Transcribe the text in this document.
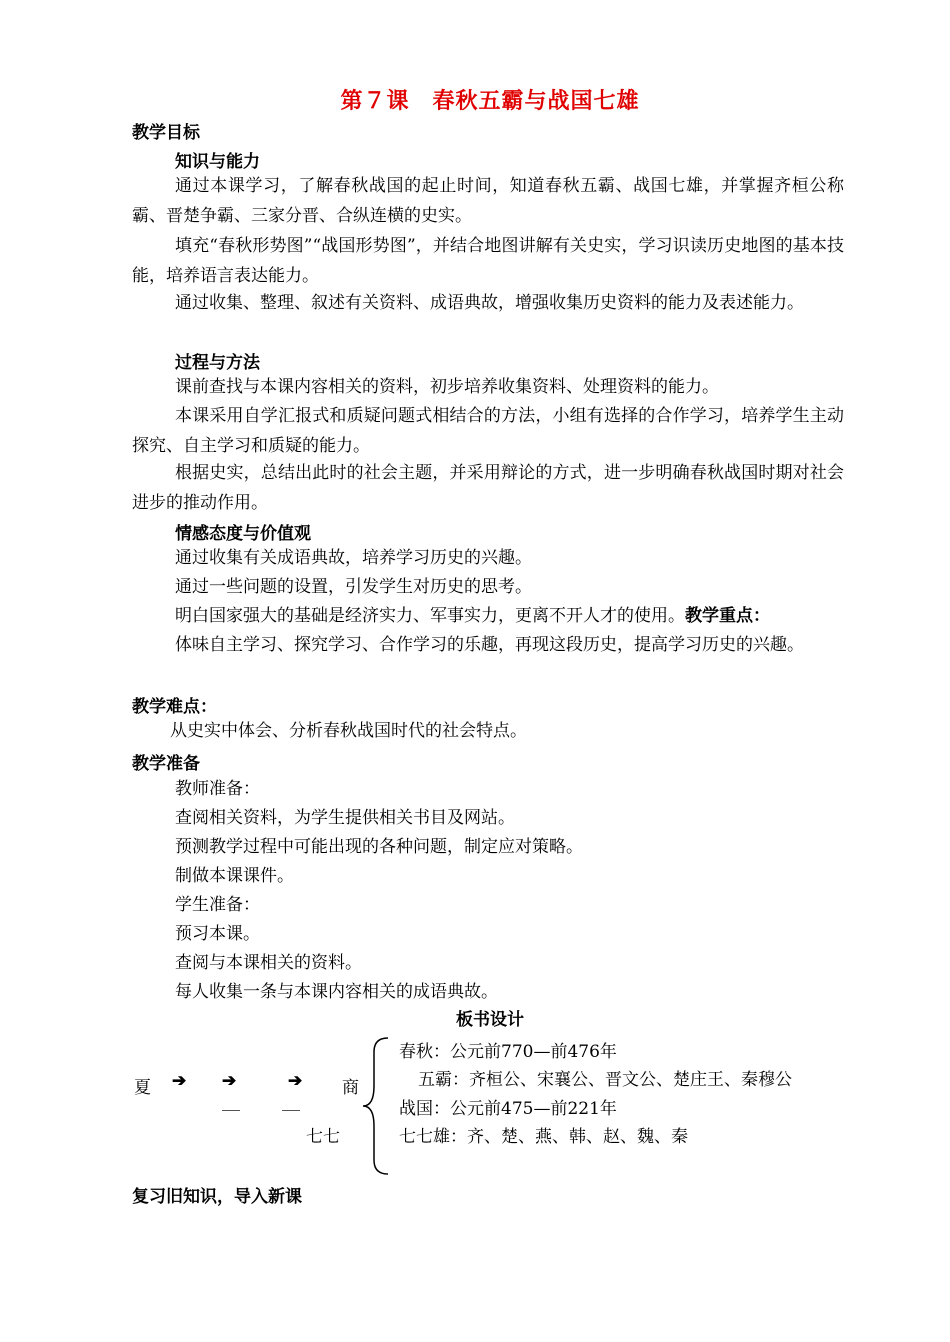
第７课　春秋五霸与战国七雄
教学目标
知识与能力
通过本课学习，了解春秋战国的起止时间，知道春秋五霸、战国七雄，并掌握齐桓公称霸、晋楚争霸、三家分晋、合纵连横的史实。
填充“春秋形势图”“战国形势图”，并结合地图讲解有关史实，学习识读历史地图的基本技能，培养语言表达能力。
通过收集、整理、叙述有关资料、成语典故，增强收集历史资料的能力及表述能力。
过程与方法
课前查找与本课内容相关的资料，初步培养收集资料、处理资料的能力。
本课采用自学汇报式和质疑问题式相结合的方法，小组有选择的合作学习，培养学生主动探究、自主学习和质疑的能力。
根据史实，总结出此时的社会主题，并采用辩论的方式，进一步明确春秋战国时期对社会进步的推动作用。
情感态度与价值观
通过收集有关成语典故，培养学习历史的兴趣。
通过一些问题的设置，引发学生对历史的思考。
明白国家强大的基础是经济实力、军事实力，更离不开人才的使用。教学重点：
体味自主学习、探究学习、合作学习的乐趣，再现这段历史，提高学习历史的兴趣。
教学难点：
从史实中体会、分析春秋战国时代的社会特点。
教学准备
教师准备：
查阅相关资料，为学生提供相关书目及网站。
预测教学过程中可能出现的各种问题，制定应对策略。
制做本课课件。
学生准备：
预习本课。
查阅与本课相关的资料。
每人收集一条与本课内容相关的成语典故。
板书设计
夏 ➔ ➔	➔ 商
七七
春秋：公元前770—前476年
五霸：齐桓公、宋襄公、晋文公、楚庄王、秦穆公
战国：公元前475—前221年
七七雄：齐、楚、燕、韩、赵、魏、秦
复习旧知识，导入新课
